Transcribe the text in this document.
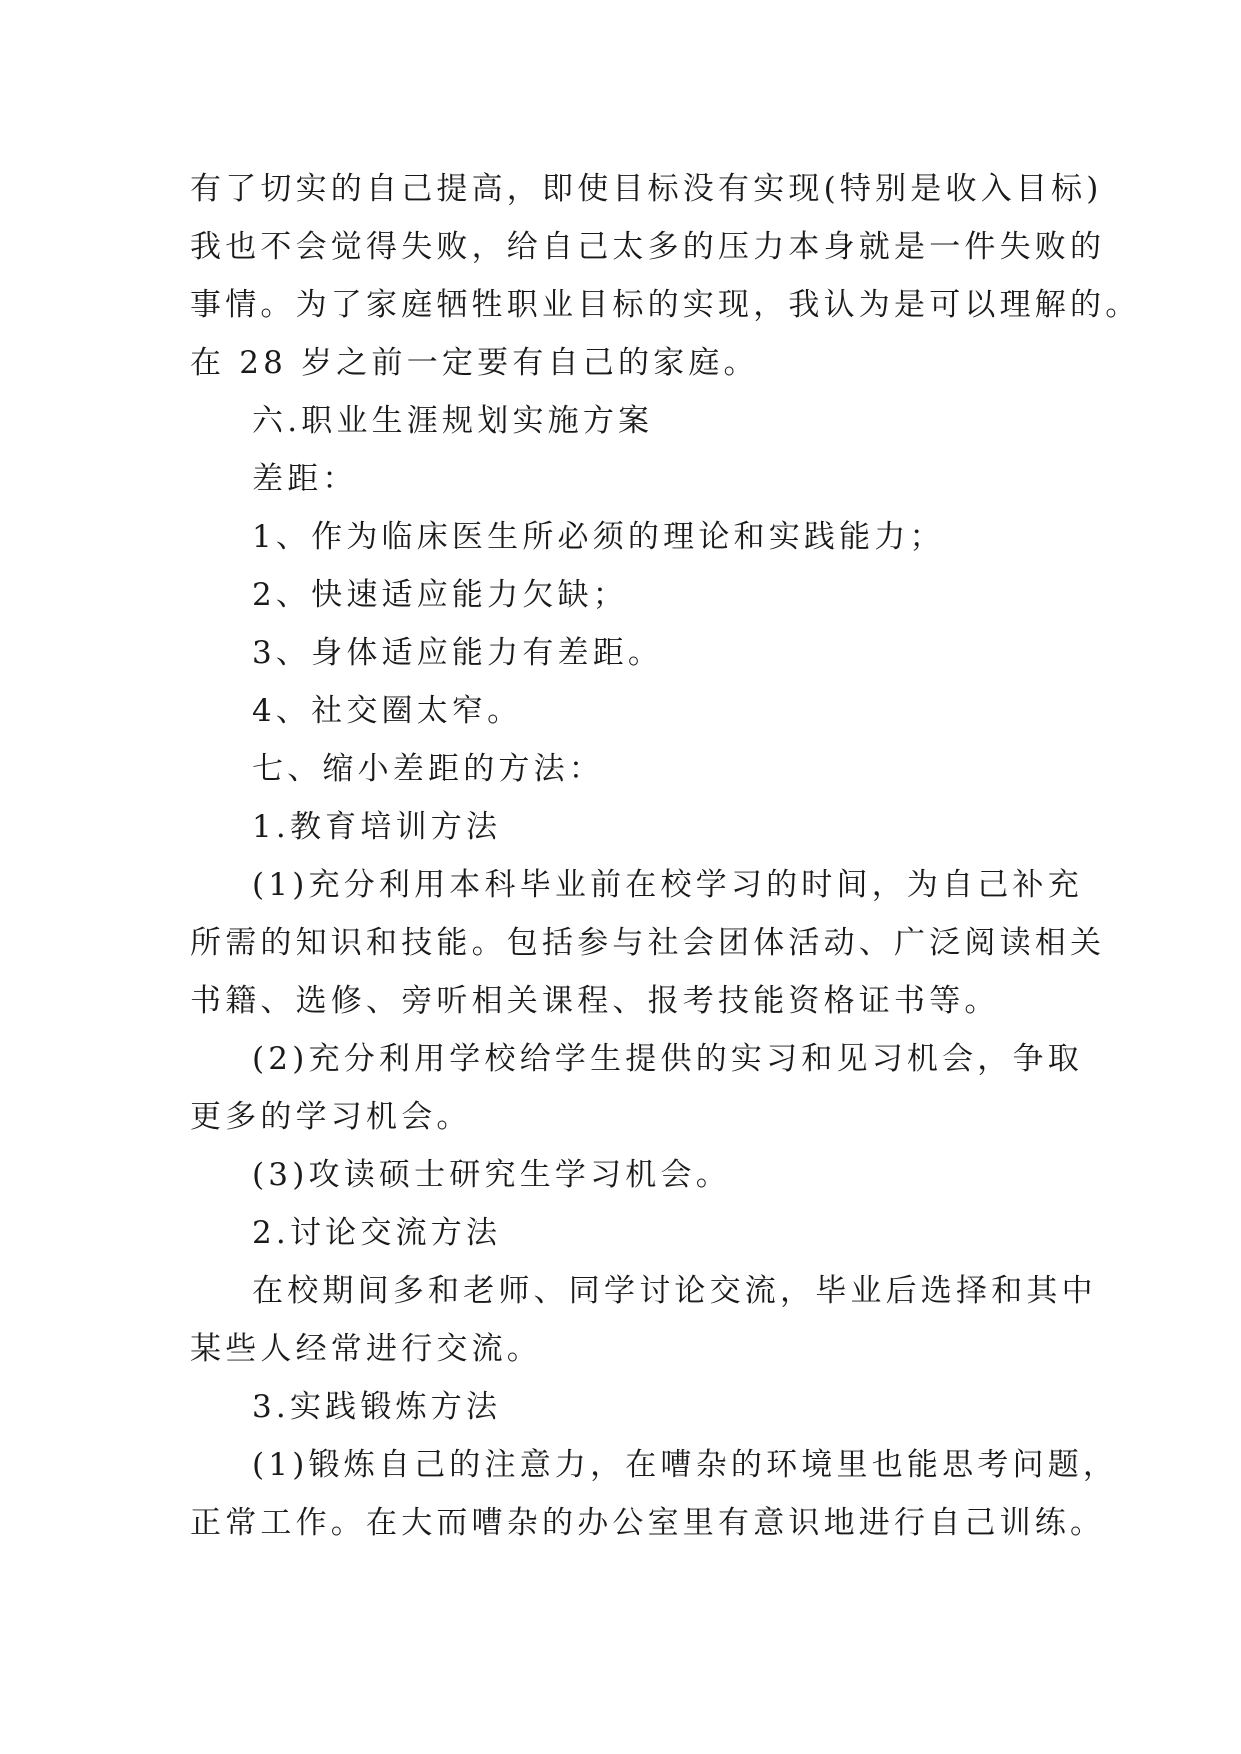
有了切实的自己提高，即使目标没有实现(特别是收入目标)
我也不会觉得失败，给自己太多的压力本身就是一件失败的
事情。为了家庭牺牲职业目标的实现，我认为是可以理解的。
在 28 岁之前一定要有自己的家庭。
六.职业生涯规划实施方案
差距：
1、作为临床医生所必须的理论和实践能力；
2、快速适应能力欠缺；
3、身体适应能力有差距。
4、社交圈太窄。
七、缩小差距的方法：
1.教育培训方法
(1)充分利用本科毕业前在校学习的时间，为自己补充
所需的知识和技能。包括参与社会团体活动、广泛阅读相关
书籍、选修、旁听相关课程、报考技能资格证书等。
(2)充分利用学校给学生提供的实习和见习机会，争取
更多的学习机会。
(3)攻读硕士研究生学习机会。
2.讨论交流方法
在校期间多和老师、同学讨论交流，毕业后选择和其中
某些人经常进行交流。
3.实践锻炼方法
(1)锻炼自己的注意力，在嘈杂的环境里也能思考问题，
正常工作。在大而嘈杂的办公室里有意识地进行自己训练。
